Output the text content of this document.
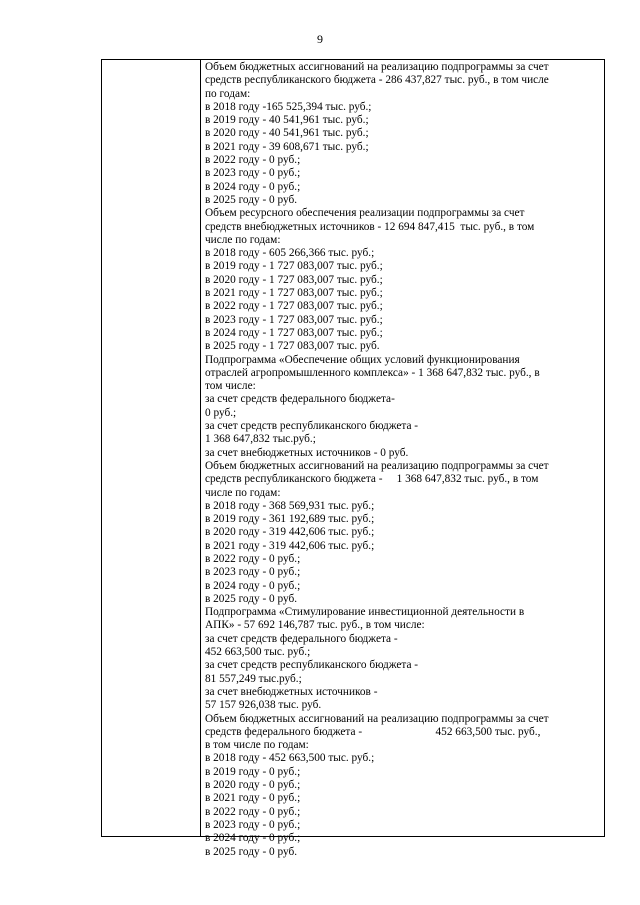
9
Объем бюджетных ассигнований на реализацию подпрограммы за счет
средств республиканского бюджета - 286 437,827 тыс. руб., в том числе
по годам:
в 2018 году -165 525,394 тыс. руб.;
в 2019 году - 40 541,961 тыс. руб.;
в 2020 году - 40 541,961 тыс. руб.;
в 2021 году - 39 608,671 тыс. руб.;
в 2022 году - 0 руб.;
в 2023 году - 0 руб.;
в 2024 году - 0 руб.;
в 2025 году - 0 руб.
Объем ресурсного обеспечения реализации подпрограммы за счет
средств внебюджетных источников - 12 694 847,415  тыс. руб., в том
числе по годам:
в 2018 году - 605 266,366 тыс. руб.;
в 2019 году - 1 727 083,007 тыс. руб.;
в 2020 году - 1 727 083,007 тыс. руб.;
в 2021 году - 1 727 083,007 тыс. руб.;
в 2022 году - 1 727 083,007 тыс. руб.;
в 2023 году - 1 727 083,007 тыс. руб.;
в 2024 году - 1 727 083,007 тыс. руб.;
в 2025 году - 1 727 083,007 тыс. руб.
Подпрограмма «Обеспечение общих условий функционирования
отраслей агропромышленного комплекса» - 1 368 647,832 тыс. руб., в
том числе:
за счет средств федерального бюджета-
0 руб.;
за счет средств республиканского бюджета -
1 368 647,832 тыс.руб.;
за счет внебюджетных источников - 0 руб.
Объем бюджетных ассигнований на реализацию подпрограммы за счет
средств республиканского бюджета -     1 368 647,832 тыс. руб., в том
числе по годам:
в 2018 году - 368 569,931 тыс. руб.;
в 2019 году - 361 192,689 тыс. руб.;
в 2020 году - 319 442,606 тыс. руб.;
в 2021 году - 319 442,606 тыс. руб.;
в 2022 году - 0 руб.;
в 2023 году - 0 руб.;
в 2024 году - 0 руб.;
в 2025 году - 0 руб.
Подпрограмма «Стимулирование инвестиционной деятельности в
АПК» - 57 692 146,787 тыс. руб., в том числе:
за счет средств федерального бюджета -
452 663,500 тыс. руб.;
за счет средств республиканского бюджета -
81 557,249 тыс.руб.;
за счет внебюджетных источников -
57 157 926,038 тыс. руб.
Объем бюджетных ассигнований на реализацию подпрограммы за счет
средств федерального бюджета -                          452 663,500 тыс. руб.,
в том числе по годам:
в 2018 году - 452 663,500 тыс. руб.;
в 2019 году - 0 руб.;
в 2020 году - 0 руб.;
в 2021 году - 0 руб.;
в 2022 году - 0 руб.;
в 2023 году - 0 руб.;
в 2024 году - 0 руб.;
в 2025 году - 0 руб.
